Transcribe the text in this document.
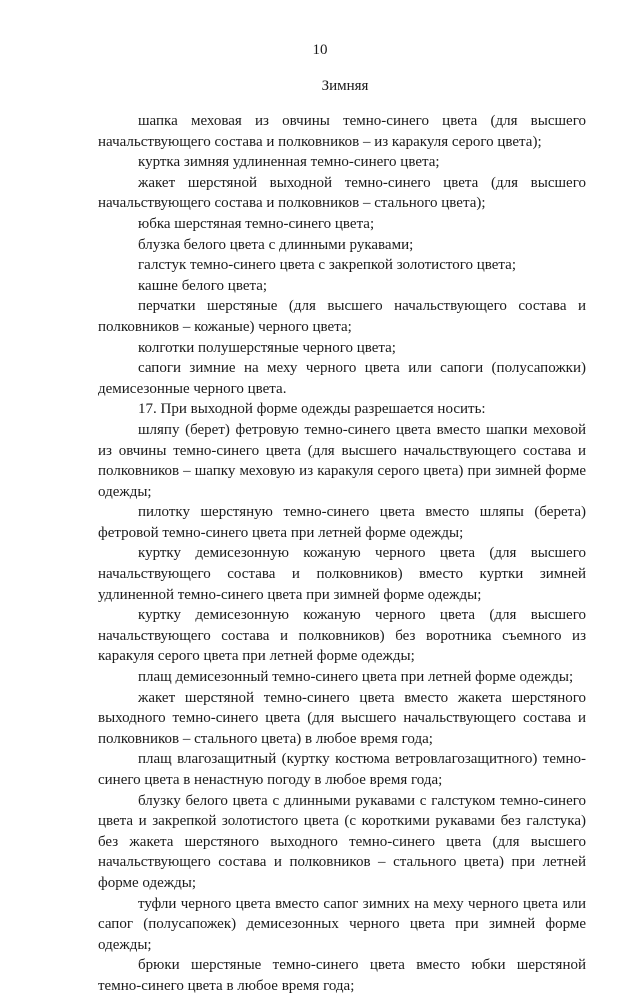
10
Зимняя

шапка меховая из овчины темно-синего цвета (для высшего начальствующего состава и полковников – из каракуля серого цвета);

куртка зимняя удлиненная темно-синего цвета;

жакет шерстяной выходной темно-синего цвета (для высшего начальствующего состава и полковников – стального цвета);

юбка шерстяная темно-синего цвета;

блузка белого цвета с длинными рукавами;

галстук темно-синего цвета с закрепкой золотистого цвета;

кашне белого цвета;

перчатки шерстяные (для высшего начальствующего состава и полковников – кожаные) черного цвета;

колготки полушерстяные черного цвета;

сапоги зимние на меху черного цвета или сапоги (полусапожки) демисезонные черного цвета.

17. При выходной форме одежды разрешается носить:

шляпу (берет) фетровую темно-синего цвета вместо шапки меховой из овчины темно-синего цвета (для высшего начальствующего состава и полковников – шапку меховую из каракуля серого цвета) при зимней форме одежды;

пилотку шерстяную темно-синего цвета вместо шляпы (берета) фетровой темно-синего цвета при летней форме одежды;

куртку демисезонную кожаную черного цвета (для высшего начальствующего состава и полковников) вместо куртки зимней удлиненной темно-синего цвета при зимней форме одежды;

куртку демисезонную кожаную черного цвета (для высшего начальствующего состава и полковников) без воротника съемного из каракуля серого цвета при летней форме одежды;

плащ демисезонный темно-синего цвета при летней форме одежды;

жакет шерстяной темно-синего цвета вместо жакета шерстяного выходного темно-синего цвета (для высшего начальствующего состава и полковников – стального цвета) в любое время года;

плащ влагозащитный (куртку костюма ветровлагозащитного) темно-синего цвета в ненастную погоду в любое время года;

блузку белого цвета с длинными рукавами с галстуком темно-синего цвета и закрепкой золотистого цвета (с короткими рукавами без галстука) без жакета шерстяного выходного темно-синего цвета (для высшего начальствующего состава и полковников – стального цвета) при летней форме одежды;

туфли черного цвета вместо сапог зимних на меху черного цвета или сапог (полусапожек) демисезонных черного цвета при зимней форме одежды;

брюки шерстяные темно-синего цвета вместо юбки шерстяной темно-синего цвета в любое время года;
